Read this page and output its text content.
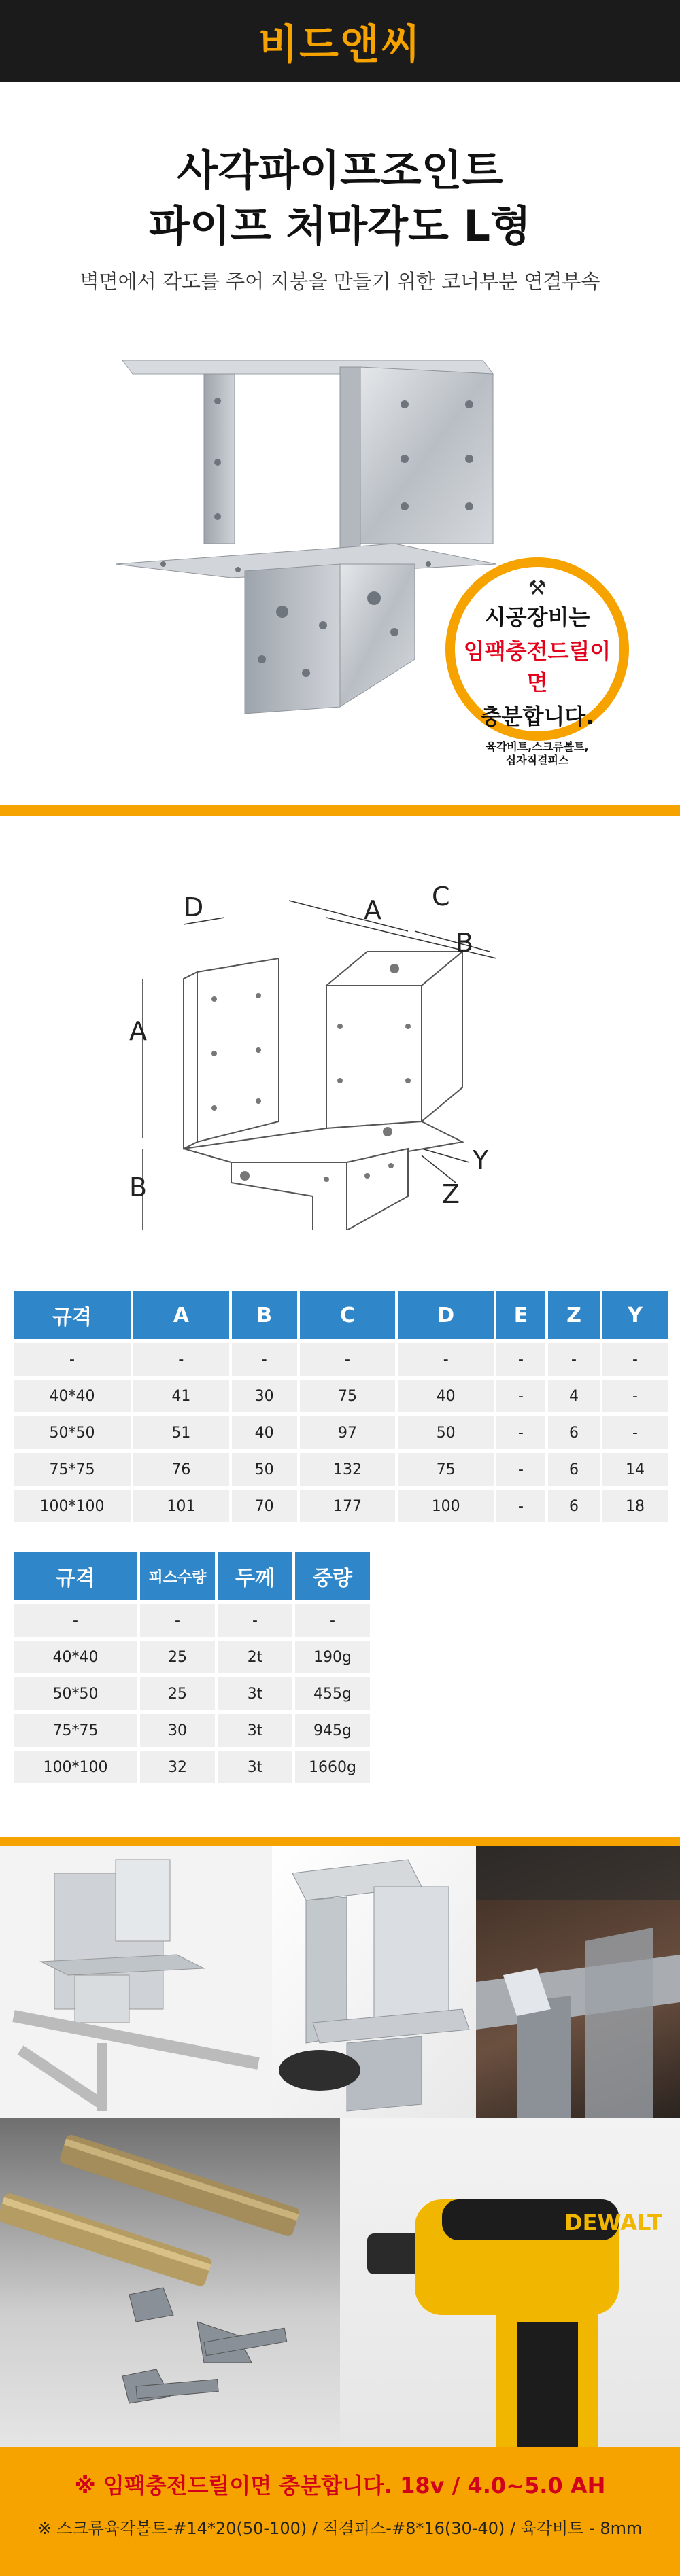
비드앤씨
사각파이프조인트
파이프 처마각도 L형
벽면에서 각도를 주어 지붕을 만들기 위한 코너부분 연결부속
⚒
시공장비는
임팩충전드릴이면
충분합니다.
육각비트,스크류볼트,
십자직결피스
A
B
D	A C
B
Y
Z
규격	A	B	C	D	E	Z	Y
-	-	-	-	-	-	-	-
40*40	41	30	75	40	-	4	-
50*50	51	40	97	50	-	6	-
75*75	76	50	132	75	-	6	14
100*100	101	70	177	100	-	6	18
규격	피스수량	두께	중량
-	-	-	-
40*40	25	2t	190g
50*50	25	3t	455g
75*75	30	3t	945g
100*100	32	3t	1660g
DEWALT
※ 임팩충전드릴이면 충분합니다. 18v / 4.0~5.0 AH
※ 스크류육각볼트-#14*20(50-100) / 직결피스-#8*16(30-40) / 육각비트 - 8mm
